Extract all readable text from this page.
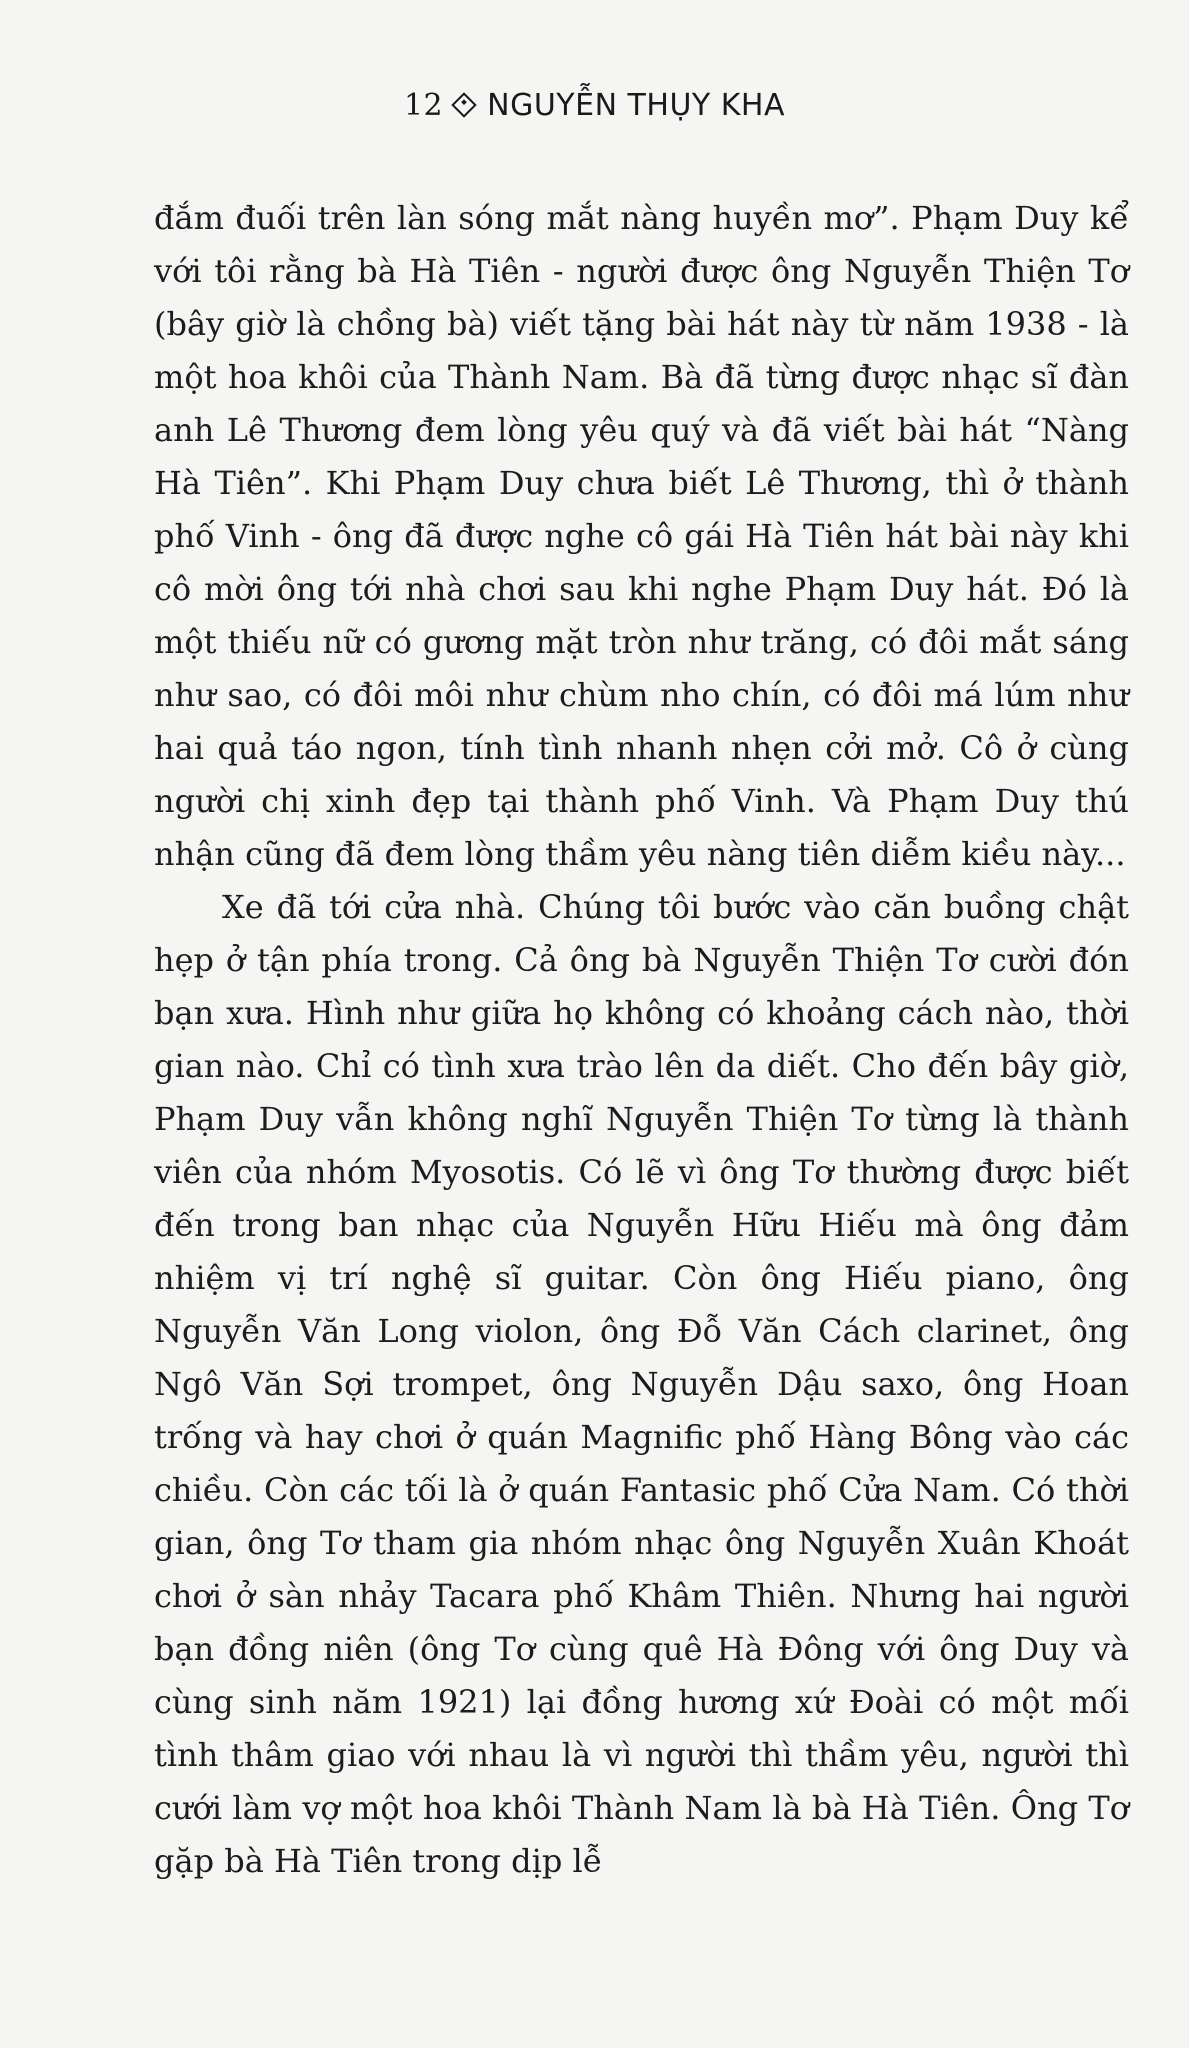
12 NGUYỄN THỤY KHA

đắm đuối trên làn sóng mắt nàng huyền mơ”. Phạm Duy kể với tôi rằng bà Hà Tiên - người được ông Nguyễn Thiện Tơ (bây giờ là chồng bà) viết tặng bài hát này từ năm 1938 - là một hoa khôi của Thành Nam. Bà đã từng được nhạc sĩ đàn anh Lê Thương đem lòng yêu quý và đã viết bài hát “Nàng Hà Tiên”. Khi Phạm Duy chưa biết Lê Thương, thì ở thành phố Vinh - ông đã được nghe cô gái Hà Tiên hát bài này khi cô mời ông tới nhà chơi sau khi nghe Phạm Duy hát. Đó là một thiếu nữ có gương mặt tròn như trăng, có đôi mắt sáng như sao, có đôi môi như chùm nho chín, có đôi má lúm như hai quả táo ngon, tính tình nhanh nhẹn cởi mở. Cô ở cùng người chị xinh đẹp tại thành phố Vinh. Và Phạm Duy thú nhận cũng đã đem lòng thầm yêu nàng tiên diễm kiều này...

Xe đã tới cửa nhà. Chúng tôi bước vào căn buồng chật hẹp ở tận phía trong. Cả ông bà Nguyễn Thiện Tơ cười đón bạn xưa. Hình như giữa họ không có khoảng cách nào, thời gian nào. Chỉ có tình xưa trào lên da diết. Cho đến bây giờ, Phạm Duy vẫn không nghĩ Nguyễn Thiện Tơ từng là thành viên của nhóm Myosotis. Có lẽ vì ông Tơ thường được biết đến trong ban nhạc của Nguyễn Hữu Hiếu mà ông đảm nhiệm vị trí nghệ sĩ guitar. Còn ông Hiếu piano, ông Nguyễn Văn Long violon, ông Đỗ Văn Cách clarinet, ông Ngô Văn Sợi trompet, ông Nguyễn Dậu saxo, ông Hoan trống và hay chơi ở quán Magnific phố Hàng Bông vào các chiều. Còn các tối là ở quán Fantasic phố Cửa Nam. Có thời gian, ông Tơ tham gia nhóm nhạc ông Nguyễn Xuân Khoát chơi ở sàn nhảy Tacara phố Khâm Thiên. Nhưng hai người bạn đồng niên (ông Tơ cùng quê Hà Đông với ông Duy và cùng sinh năm 1921) lại đồng hương xứ Đoài có một mối tình thâm giao với nhau là vì người thì thầm yêu, người thì cưới làm vợ một hoa khôi Thành Nam là bà Hà Tiên. Ông Tơ gặp bà Hà Tiên trong dịp lễ
